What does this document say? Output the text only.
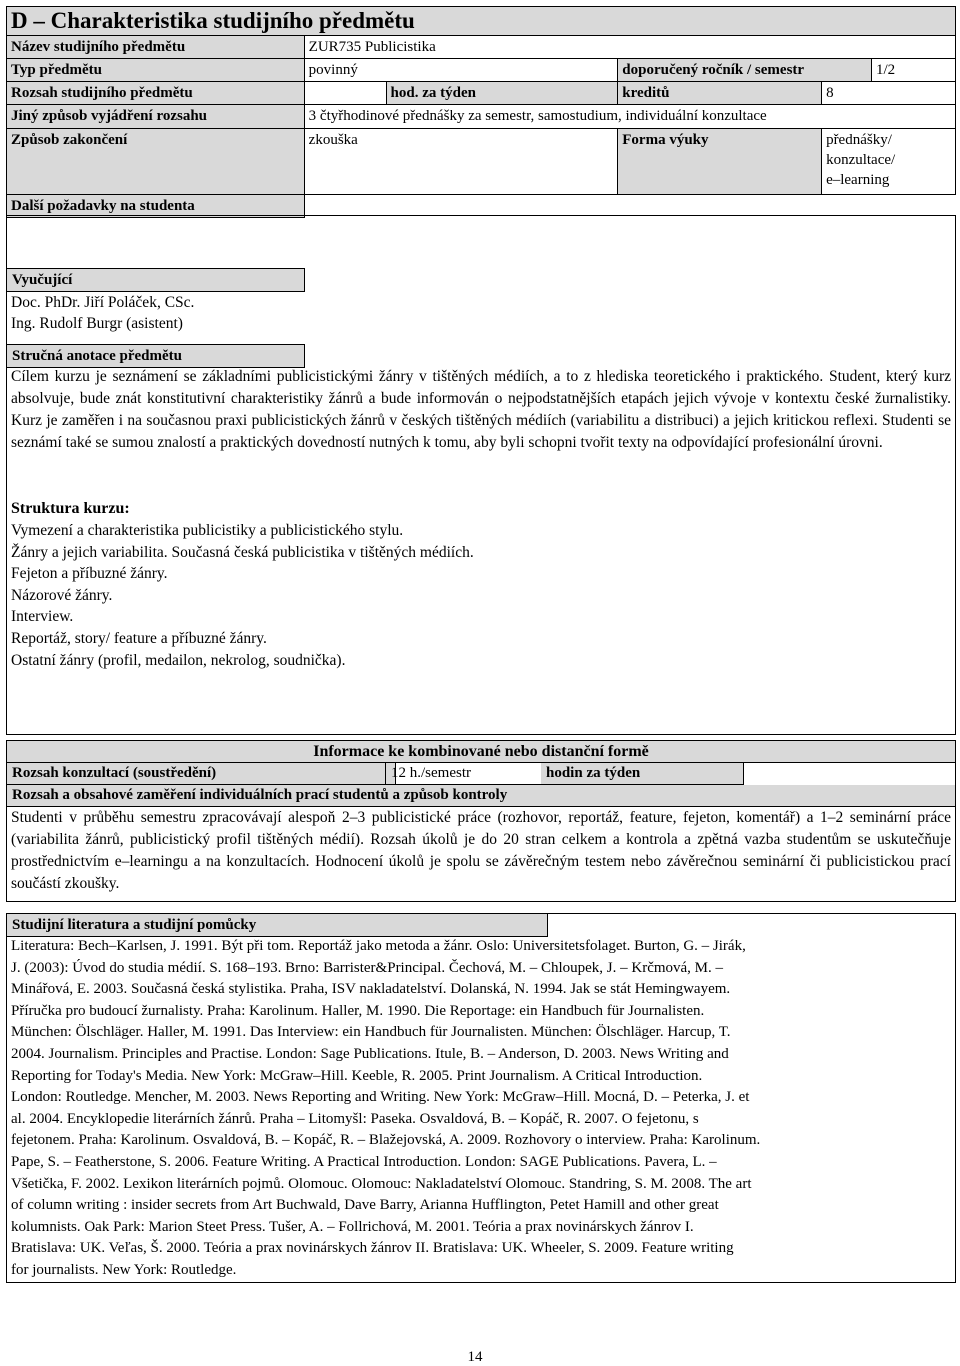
D – Charakteristika studijního předmětu
Název studijního předmětu	ZUR735 Publicistika				
Typ předmětu	povinný		doporučený ročník / semestr		1/2
Rozsah studijního předmětu		hod. za týden	kreditů	8	
Jiný způsob vyjádření rozsahu	3 čtyřhodinové přednášky za semestr, samostudium, individuální konzultace				
Způsob zakončení	zkouška		Forma výuky	přednášky/
konzultace/
e–learning	

Další požadavky na studenta					
Vyučující
Doc. PhDr. Jiří Poláček, CSc.
Ing. Rudolf Burgr (asistent)
Stručná anotace předmětu
Cílem kurzu je seznámení se základními publicistickými žánry v tištěných médiích, a to z hlediska teoretického i praktického. Student, který kurz absolvuje, bude znát konstitutivní charakteristiky žánrů a bude informován o nejpodstatnějších etapách jejich vývoje v kontextu české žurnalistiky. Kurz je zaměřen i na současnou praxi publicistických žánrů v českých tištěných médiích (variabilitu a distribuci) a jejich kritickou reflexi. Studenti se seznámí také se sumou znalostí a praktických dovedností nutných k tomu, aby byli schopni tvořit texty na odpovídající profesionální úrovni.
Struktura kurzu:
Vymezení a charakteristika publicistiky a publicistického stylu.
Žánry a jejich variabilita. Současná česká publicistika v tištěných médiích.
Fejeton a příbuzné žánry.
Názorové žánry.
Interview.
Reportáž, story/ feature a příbuzné žánry.
Ostatní žánry (profil, medailon, nekrolog, soudnička).
Informace ke kombinované nebo distanční formě
Rozsah konzultací (soustředění)	12 h./semestr	hodin za týden
Rozsah a obsahové zaměření individuálních prací studentů a způsob kontroly
Studenti v průběhu semestru zpracovávají alespoň 2–3 publicistické práce (rozhovor, reportáž, feature, fejeton, komentář) a 1–2 seminární práce (variabilita žánrů, publicistický profil tištěných médií). Rozsah úkolů je do 20 stran celkem a kontrola a zpětná vazba studentům se uskutečňuje prostřednictvím e–learningu a na konzultacích. Hodnocení úkolů je spolu se závěrečným testem nebo závěrečnou seminární či publicistickou prací součástí zkoušky.
Studijní literatura a studijní pomůcky
Literatura: Bech–Karlsen, J. 1991. Být při tom. Reportáž jako metoda a žánr. Oslo: Universitetsfolaget. Burton, G. – Jirák,
J. (2003): Úvod do studia médií. S. 168–193. Brno: Barrister&Principal. Čechová, M. – Chloupek, J. – Krčmová, M. –
Minářová, E. 2003. Současná česká stylistika. Praha, ISV nakladatelství. Dolanská, N. 1994. Jak se stát Hemingwayem.
Příručka pro budoucí žurnalisty. Praha: Karolinum. Haller, M. 1990. Die Reportage: ein Handbuch für Journalisten.
München: Ölschläger. Haller, M. 1991. Das Interview: ein Handbuch für Journalisten. München: Ölschläger. Harcup, T.
2004. Journalism. Principles and Practise. London: Sage Publications. Itule, B. – Anderson, D. 2003. News Writing and
Reporting for Today's Media. New York: McGraw–Hill. Keeble, R. 2005. Print Journalism. A Critical Introduction.
London: Routledge. Mencher, M. 2003. News Reporting and Writing. New York: McGraw–Hill. Mocná, D. – Peterka, J. et
al. 2004. Encyklopedie literárních žánrů. Praha – Litomyšl: Paseka. Osvaldová, B. – Kopáč, R. 2007. O fejetonu, s
fejetonem. Praha: Karolinum. Osvaldová, B. – Kopáč, R. – Blažejovská, A. 2009. Rozhovory o interview. Praha: Karolinum.
Pape, S. – Featherstone, S. 2006. Feature Writing. A Practical Introduction. London: SAGE Publications. Pavera, L. –
Všetička, F. 2002. Lexikon literárních pojmů. Olomouc. Olomouc: Nakladatelství Olomouc. Standring, S. M. 2008. The art
of column writing : insider secrets from Art Buchwald, Dave Barry, Arianna Hufflington, Petet Hamill and other great
kolumnists. Oak Park: Marion Steet Press. Tušer, A. – Follrichová, M. 2001. Teória a prax novinárskych žánrov I.
Bratislava: UK. Veľas, Š. 2000. Teória a prax novinárskych žánrov II. Bratislava: UK. Wheeler, S. 2009. Feature writing
for journalists. New York: Routledge.
14
